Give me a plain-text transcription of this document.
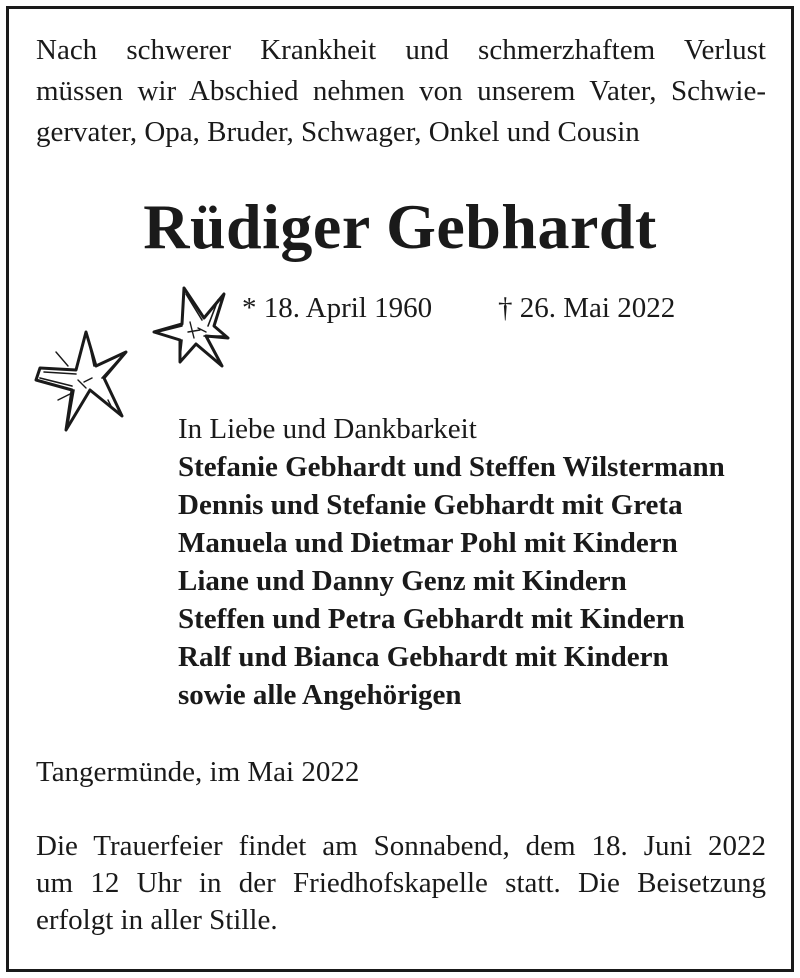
Nach schwerer Krankheit und schmerzhaftem Verlust
müssen wir Abschied nehmen von unserem Vater, Schwie-
gervater, Opa, Bruder, Schwager, Onkel und Cousin

Rüdiger Gebhardt
* 18. April 1960 † 26. Mai 2022
In Liebe und Dankbarkeit
Stefanie Gebhardt und Steffen Wilstermann
Dennis und Stefanie Gebhardt mit Greta
Manuela und Dietmar Pohl mit Kindern
Liane und Danny Genz mit Kindern
Steffen und Petra Gebhardt mit Kindern
Ralf und Bianca Gebhardt mit Kindern
sowie alle Angehörigen
Tangermünde, im Mai 2022
Die Trauerfeier findet am Sonnabend, dem 18. Juni 2022
um 12 Uhr in der Friedhofskapelle statt. Die Beisetzung
erfolgt in aller Stille.
